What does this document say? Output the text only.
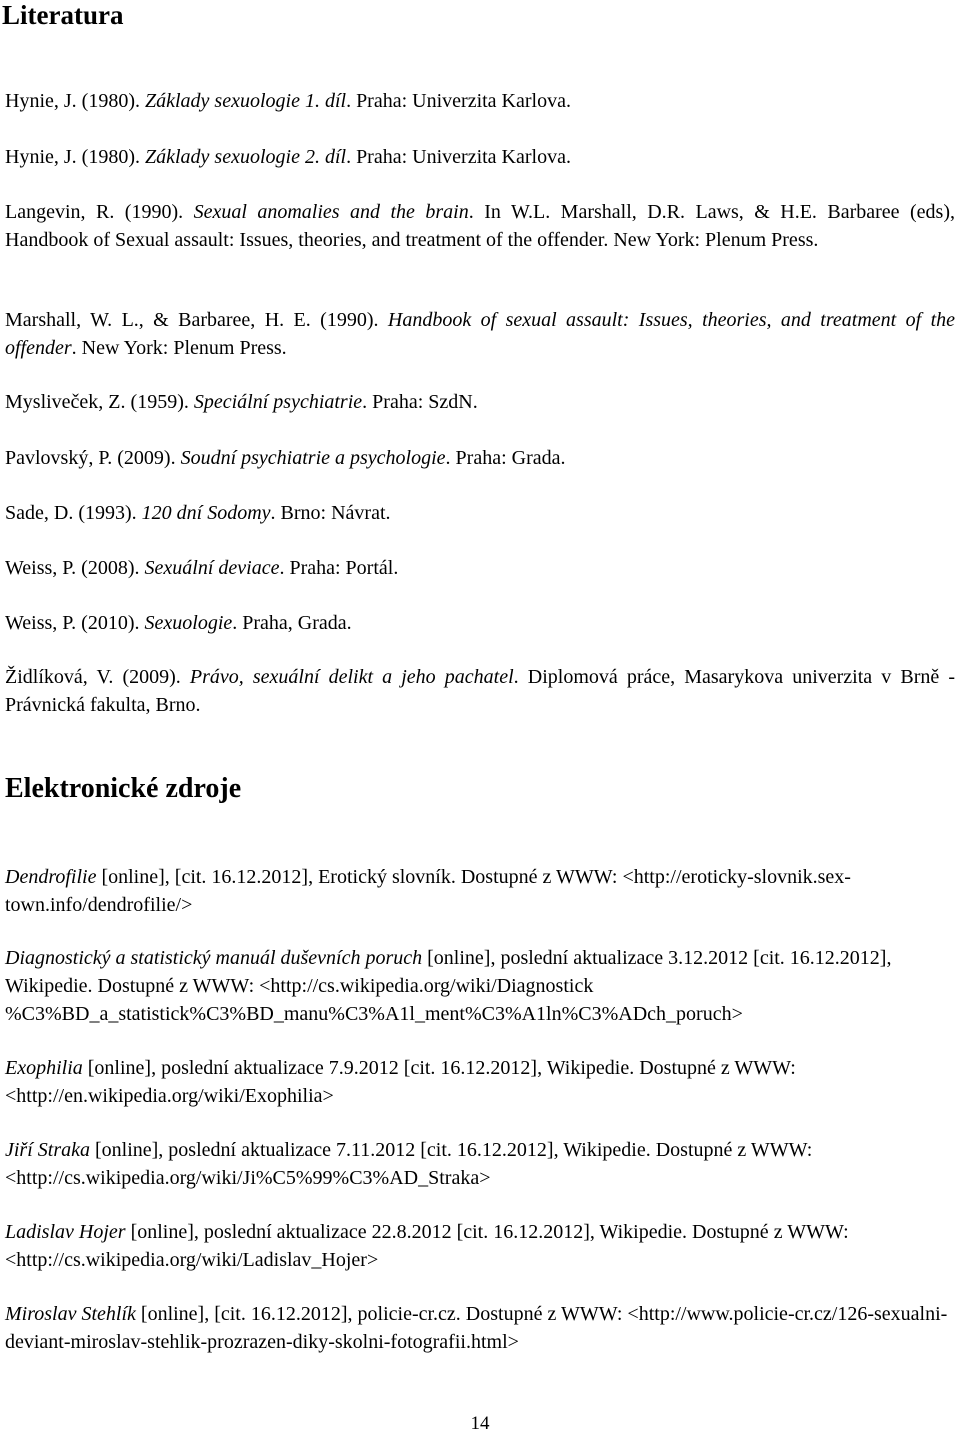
Literatura

Hynie, J. (1980). Základy sexuologie 1. díl. Praha: Univerzita Karlova.

Hynie, J. (1980). Základy sexuologie 2. díl. Praha: Univerzita Karlova.

Langevin, R. (1990). Sexual anomalies and the brain. In W.L. Marshall, D.R. Laws, & H.E. Barbaree (eds), Handbook of Sexual assault: Issues, theories, and treatment of the offender. New York: Plenum Press.

Marshall, W. L., & Barbaree, H. E. (1990). Handbook of sexual assault: Issues, theories, and treatment of the offender. New York: Plenum Press.

Mysliveček, Z. (1959). Speciální psychiatrie. Praha: SzdN.

Pavlovský, P. (2009). Soudní psychiatrie a psychologie. Praha: Grada.

Sade, D. (1993). 120 dní Sodomy. Brno: Návrat.

Weiss, P. (2008). Sexuální deviace. Praha: Portál.

Weiss, P. (2010). Sexuologie. Praha, Grada.

Židlíková, V. (2009). Právo, sexuální delikt a jeho pachatel. Diplomová práce, Masarykova univerzita v Brně - Právnická fakulta, Brno.

Elektronické zdroje

Dendrofilie [online], [cit. 16.12.2012], Erotický slovník. Dostupné z WWW: <http://eroticky-slovnik.sex-town.info/dendrofilie/>

Diagnostický a statistický manuál duševních poruch [online], poslední aktualizace 3.12.2012 [cit. 16.12.2012], Wikipedie. Dostupné z WWW: <http://cs.wikipedia.org/wiki/Diagnostick %C3%BD_a_statistick%C3%BD_manu%C3%A1l_ment%C3%A1ln%C3%ADch_poruch>

Exophilia [online], poslední aktualizace 7.9.2012 [cit. 16.12.2012], Wikipedie. Dostupné z WWW: <http://en.wikipedia.org/wiki/Exophilia>

Jiří Straka [online], poslední aktualizace 7.11.2012 [cit. 16.12.2012], Wikipedie. Dostupné z WWW: <http://cs.wikipedia.org/wiki/Ji%C5%99%C3%AD_Straka>

Ladislav Hojer [online], poslední aktualizace 22.8.2012 [cit. 16.12.2012], Wikipedie. Dostupné z WWW: <http://cs.wikipedia.org/wiki/Ladislav_Hojer>

Miroslav Stehlík [online], [cit. 16.12.2012], policie-cr.cz. Dostupné z WWW: <http://www.policie-cr.cz/126-sexualni-deviant-miroslav-stehlik-prozrazen-diky-skolni-fotografii.html>

14
